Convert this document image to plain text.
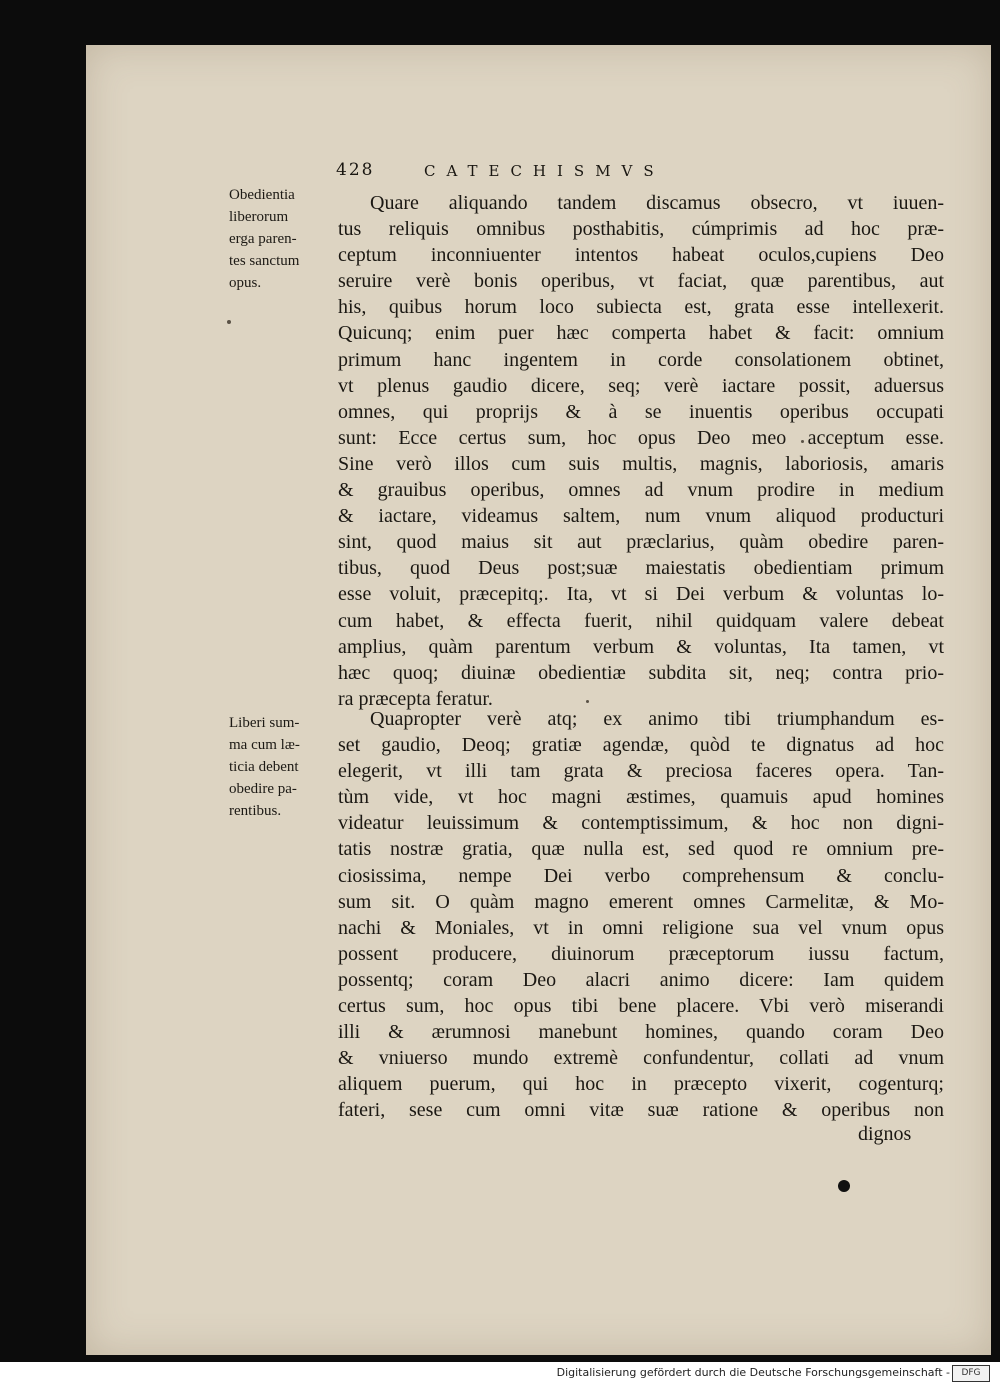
428	CATECHISMVS
Obedientia
liberorum
erga paren-
tes sanctum
opus.
Liberi sum-
ma cum læ-
ticia debent
obedire pa-
rentibus.
Quare aliquando tandem discamus obsecro, vt iuuen-
tus reliquis omnibus posthabitis, cúmprimis ad hoc præ-
ceptum inconniuenter intentos habeat oculos,cupiens Deo
seruire verè bonis operibus, vt faciat, quæ parentibus, aut
his, quibus horum loco subiecta est, grata esse intellexerit.
Quicunq; enim puer hæc comperta habet & facit: omnium
primum hanc ingentem in corde consolationem obtinet,
vt plenus gaudio dicere, seq; verè iactare possit, aduersus
omnes, qui proprijs & à se inuentis operibus occupati
sunt: Ecce certus sum, hoc opus Deo meo acceptum esse.
Sine verò illos cum suis multis, magnis, laboriosis, amaris
& grauibus operibus, omnes ad vnum prodire in medium
& iactare, videamus saltem, num vnum aliquod producturi
sint, quod maius sit aut præclarius, quàm obedire paren-
tibus, quod Deus post;suæ maiestatis obedientiam primum
esse voluit, præcepitq;. Ita, vt si Dei verbum & voluntas lo-
cum habet, & effecta fuerit, nihil quidquam valere debeat
amplius, quàm parentum verbum & voluntas, Ita tamen, vt
hæc quoq; diuinæ obedientiæ subdita sit, neq; contra prio-
ra præcepta feratur.
Quapropter verè atq; ex animo tibi triumphandum es-
set gaudio, Deoq; gratiæ agendæ, quòd te dignatus ad hoc
elegerit, vt illi tam grata & preciosa faceres opera. Tan-
tùm vide, vt hoc magni æstimes, quamuis apud homines
videatur leuissimum & contemptissimum, & hoc non digni-
tatis nostræ gratia, quæ nulla est, sed quod re omnium pre-
ciosissima, nempe Dei verbo comprehensum & conclu-
sum sit. O quàm magno emerent omnes Carmelitæ, & Mo-
nachi & Moniales, vt in omni religione sua vel vnum opus
possent producere, diuinorum præceptorum iussu factum,
possentq; coram Deo alacri animo dicere: Iam quidem
certus sum, hoc opus tibi bene placere. Vbi verò miserandi
illi & ærumnosi manebunt homines, quando coram Deo
& vniuerso mundo extremè confundentur, collati ad vnum
aliquem puerum, qui hoc in præcepto vixerit, cogenturq;
fateri, sese cum omni vitæ suæ ratione & operibus non
dignos
Digitalisierung gefördert durch die Deutsche Forschungsgemeinschaft -	DFG
